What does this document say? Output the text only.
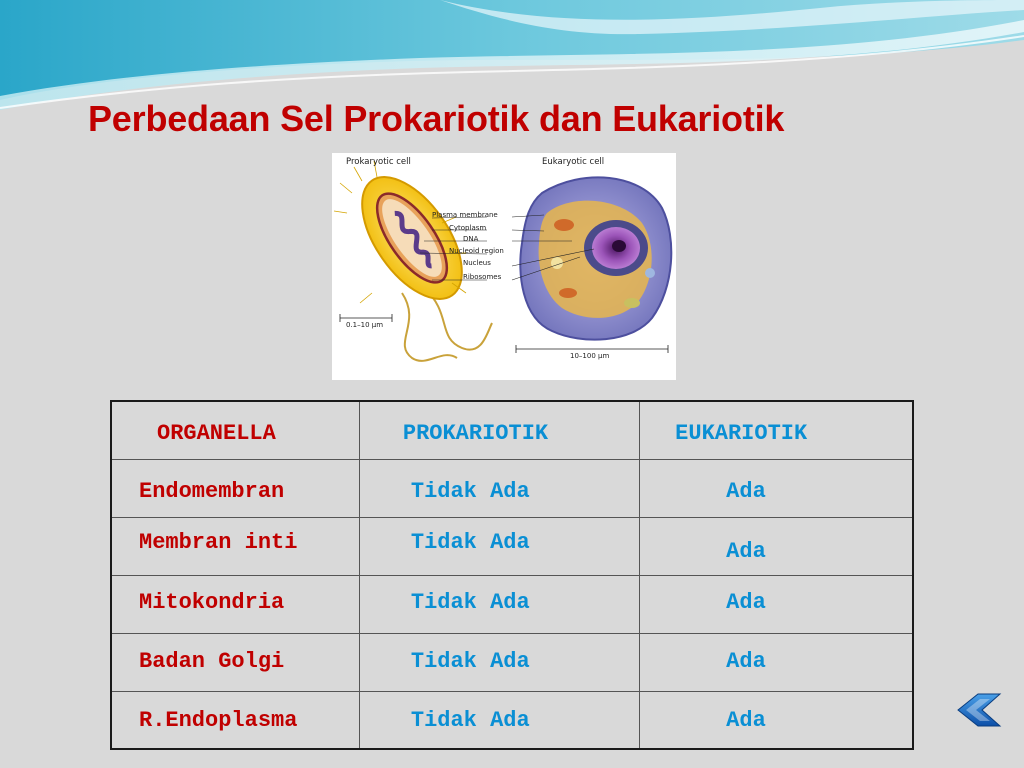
Perbedaan Sel Prokariotik dan Eukariotik
Prokaryotic cell	Eukaryotic cell
Plasma membrane
Cytoplasm
DNA
Nucleoid region
Nucleus
Ribosomes
0.1–10 µm
10–100 µm
ORGANELLA	PROKARIOTIK	EUKARIOTIK

Endomembran	Tidak Ada	Ada

Membran inti	Tidak Ada	Ada

Mitokondria	Tidak Ada	Ada

Badan Golgi	Tidak Ada	Ada

R.Endoplasma	Tidak Ada	Ada
